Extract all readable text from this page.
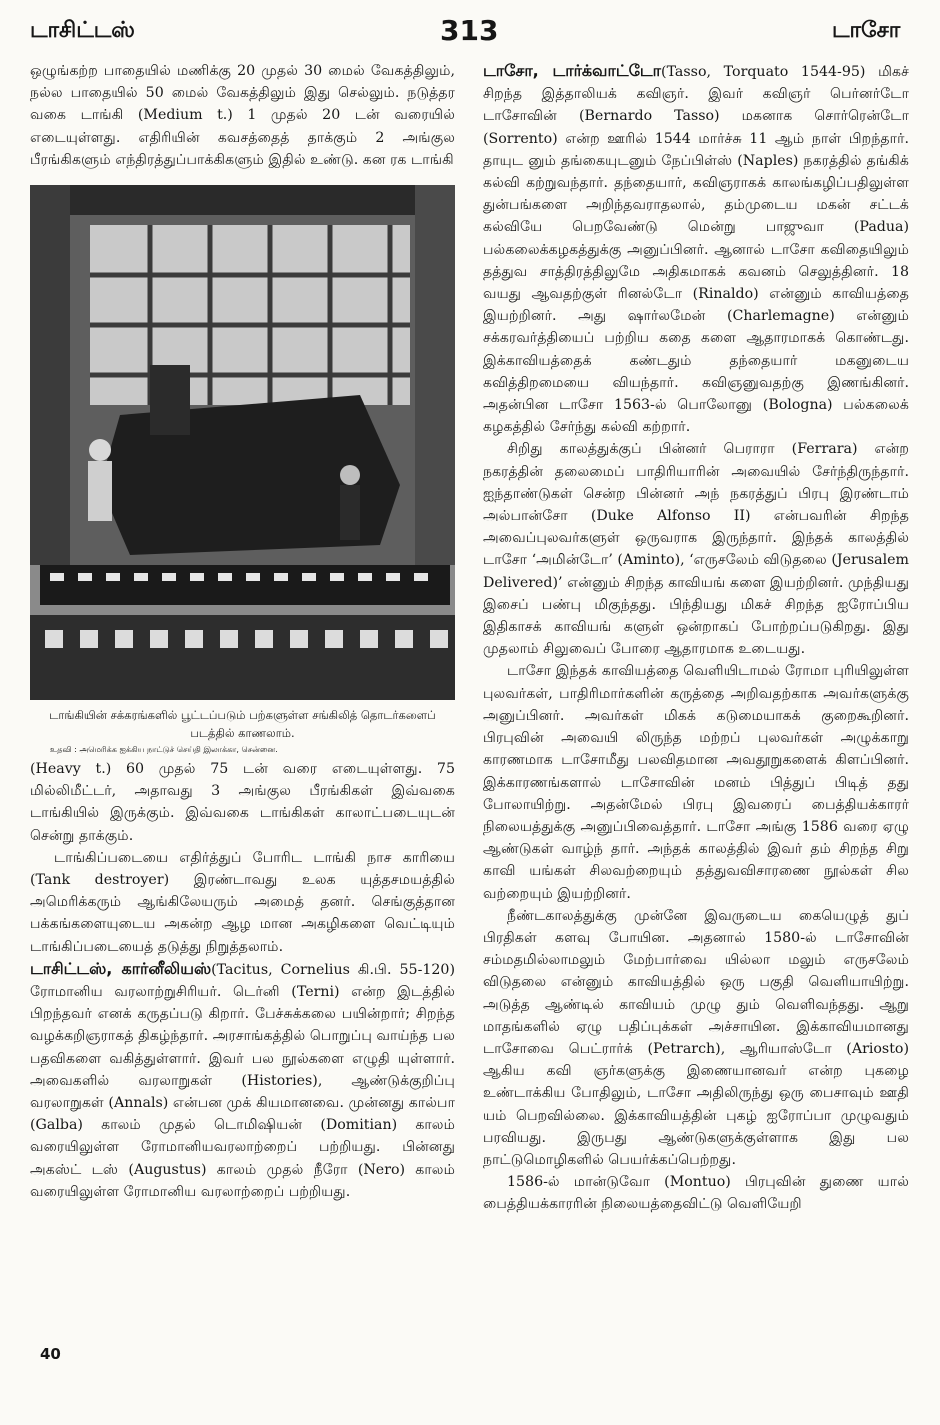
டாசிட்டஸ்	313	டாசோ

ஒழுங்கற்ற பாதையில் மணிக்கு 20 முதல் 30 மைல் வேகத்திலும், நல்ல பாதையில் 50 மைல் வேகத்திலும் இது செல்லும். நடுத்தர வகை டாங்கி (Medium t.) 1 முதல் 20 டன் வரையில் எடையுள்ளது. எதிரியின் கவசத்தைத் தாக்கும் 2 அங்குல பீரங்கிகளும் எந்திரத்துப்பாக்கிகளும் இதில் உண்டு. கன ரக டாங்கி

டாங்கியின் சக்கரங்களில் பூட்டப்படும் பற்களுள்ள சங்கிலித் தொடர்களைப் படத்தில் காணலாம்.

உதவி : அமெரிக்க ஐக்கிய நாட்டுச் செய்தி இலாக்கா, சென்னை.

(Heavy t.) 60 முதல் 75 டன் வரை எடையுள்ளது. 75 மில்லிமீட்டர், அதாவது 3 அங்குல பீரங்கிகள் இவ்வகை டாங்கியில் இருக்கும். இவ்வகை டாங்கிகள் காலாட்படையுடன் சென்று தாக்கும்.

டாங்கிப்படையை எதிர்த்துப் போரிட டாங்கி நாச காரியை (Tank destroyer) இரண்டாவது உலக யுத்தசமயத்தில் அமெரிக்கரும் ஆங்கிலேயரும் அமைத் தனர். செங்குத்தான பக்கங்களையுடைய அகன்ற ஆழ மான அகழிகளை வெட்டியும் டாங்கிப்படையைத் தடுத்து நிறுத்தலாம்.

டாசிட்டஸ், கார்னீலியஸ்(Tacitus, Cornelius கி.பி. 55-120) ரோமானிய வரலாற்றுசிரியர். டெர்னி (Terni) என்ற இடத்தில் பிறந்தவர் எனக் கருதப்படு கிறார். பேச்சுக்கலை பயின்றார்; சிறந்த வழக்கறிஞராகத் திகழ்ந்தார். அரசாங்கத்தில் பொறுப்பு வாய்ந்த பல பதவிகளை வகித்துள்ளார். இவர் பல நூல்களை எழுதி யுள்ளார். அவைகளில் வரலாறுகள் (Histories), ஆண்டுக்குறிப்பு வரலாறுகள் (Annals) என்பன முக் கியமானவை. முன்னது கால்பா (Galba) காலம் முதல் டொமிஷியன் (Domitian) காலம் வரையிலுள்ள ரோமானியவரலாற்றைப் பற்றியது. பின்னது அகஸ்ட் டஸ் (Augustus) காலம் முதல் நீரோ (Nero) காலம் வரையிலுள்ள ரோமானிய வரலாற்றைப் பற்றியது.

டாசோ, டார்க்வாட்டோ(Tasso, Torquato 1544-95) மிகச் சிறந்த இத்தாலியக் கவிஞர். இவர் கவிஞர் பெர்னர்டோ டாசோவின் (Bernardo Tasso) மகனாக சொர்ரென்டோ (Sorrento) என்ற ஊரில் 1544 மார்ச்சு 11 ஆம் நாள் பிறந்தார். தாயுட னும் தங்கையுடனும் நேப்பிள்ஸ் (Naples) நகரத்தில் தங்கிக் கல்வி கற்றுவந்தார். தந்தையார், கவிஞராகக் காலங்கழிப்பதிலுள்ள துன்பங்களை அறிந்தவராதலால், தம்முடைய மகன் சட்டக் கல்வியே பெறவேண்டு மென்று பாஜுவா (Padua) பல்கலைக்கழகத்துக்கு அனுப்பினர். ஆனால் டாசோ கவிதையிலும் தத்துவ சாத்திரத்திலுமே அதிகமாகக் கவனம் செலுத்தினர். 18 வயது ஆவதற்குள் ரினல்டோ (Rinaldo) என்னும் காவியத்தை இயற்றினர். அது ஷார்லமேன் (Charlemagne) என்னும் சக்கரவர்த்தியைப் பற்றிய கதை களை ஆதாரமாகக் கொண்டது. இக்காவியத்தைக் கண்டதும் தந்தையார் மகனுடைய கவித்திறமையை வியந்தார். கவிஞனுவதற்கு இணங்கினர். அதன்பின டாசோ 1563-ல் பொலோனு (Bologna) பல்கலைக் கழகத்தில் சேர்ந்து கல்வி கற்றார்.

சிறிது காலத்துக்குப் பின்னர் பெராரா (Ferrara) என்ற நகரத்தின் தலைமைப் பாதிரியாரின் அவையில் சேர்ந்திருந்தார். ஐந்தாண்டுகள் சென்ற பின்னர் அந் நகரத்துப் பிரபு இரண்டாம் அல்பான்சோ (Duke Alfonso II) என்பவரின் சிறந்த அவைப்புலவர்களுள் ஒருவராக இருந்தார். இந்தக் காலத்தில் டாசோ ‘அமின்டோ’ (Aminto), ‘எருசலேம் விடுதலை (Jerusalem Delivered)’ என்னும் சிறந்த காவியங் களை இயற்றினர். முந்தியது இசைப் பண்பு மிகுந்தது. பிந்தியது மிகச் சிறந்த ஐரோப்பிய இதிகாசக் காவியங் களுள் ஒன்றாகப் போற்றப்படுகிறது. இது முதலாம் சிலுவைப் போரை ஆதாரமாக உடையது.

டாசோ இந்தக் காவியத்தை வெளியிடாமல் ரோமா புரியிலுள்ள புலவர்கள், பாதிரிமார்களின் கருத்தை அறிவதற்காக அவர்களுக்கு அனுப்பினர். அவர்கள் மிகக் கடுமையாகக் குறைகூறினர். பிரபுவின் அவையி லிருந்த மற்றப் புலவர்கள் அழுக்காறு காரணமாக டாசோமீது பலவிதமான அவதூறுகளைக் கிளப்பினர். இக்காரணங்களால் டாசோவின் மனம் பித்துப் பிடித் தது போலாயிற்று. அதன்மேல் பிரபு இவரைப் பைத்தியக்காரர் நிலையத்துக்கு அனுப்பிவைத்தார். டாசோ அங்கு 1586 வரை ஏழு ஆண்டுகள் வாழ்ந் தார். அந்தக் காலத்தில் இவர் தம் சிறந்த சிறு காவி யங்கள் சிலவற்றையும் தத்துவவிசாரணை நூல்கள் சில வற்றையும் இயற்றினர்.

நீண்டகாலத்துக்கு முன்னே இவருடைய கையெழுத் துப் பிரதிகள் களவு போயின. அதனால் 1580-ல் டாசோவின் சம்மதமில்லாமலும் மேற்பார்வை யில்லா மலும் எருசலேம் விடுதலை என்னும் காவியத்தில் ஒரு பகுதி வெளியாயிற்று. அடுத்த ஆண்டில் காவியம் முழு தும் வெளிவந்தது. ஆறு மாதங்களில் ஏழு பதிப்புக்கள் அச்சாயின. இக்காவியமானது டாசோவை பெட்ரார்க் (Petrarch), ஆரியாஸ்டோ (Ariosto) ஆகிய கவி ஞர்களுக்கு இணையானவர் என்ற புகழை உண்டாக்கிய போதிலும், டாசோ அதிலிருந்து ஒரு பைசாவும் ஊதி யம் பெறவில்லை. இக்காவியத்தின் புகழ் ஐரோப்பா முழுவதும் பரவியது. இருபது ஆண்டுகளுக்குள்ளாக இது பல நாட்டுமொழிகளில் பெயர்க்கப்பெற்றது.

1586-ல் மான்டுவோ (Montuo) பிரபுவின் துணை யால் பைத்தியக்காரரின் நிலையத்தைவிட்டு வெளியேறி

40
